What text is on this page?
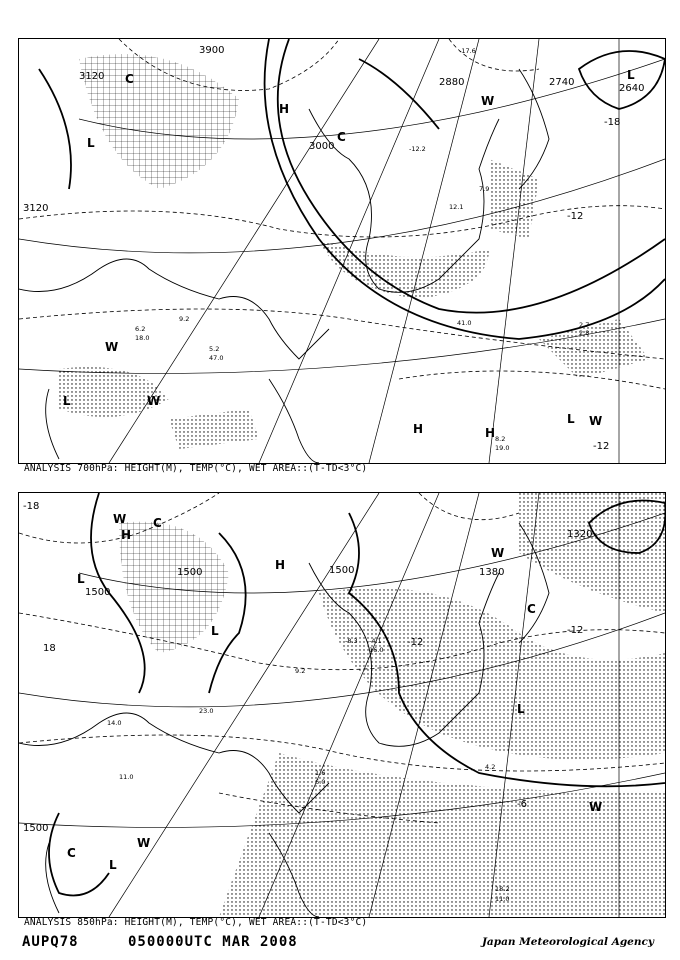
3900
3120
3120
2880	2740
2640
3000
-12
-12
-18
H
L
L
L
W
W
W
C
C
H	H
W
L
-17.6
-12.2
2.8
7.9
12.1
9.2
8.2
19.0
6.2
18.0
5.2
47.0
2.7
41.0
ANALYSIS 700hPa: HEIGHT(M), TEMP(°C), WET AREA::(T-TD<3°C)
1500
1500
1500	1380
1500
1320
-12
18
-18
-12
-6
H
L
L
H
C
C
L
W
W
C
W
W
L
-8.3 -4.1
16.0
14.0
23.0
11.0
18.2
11.0
4.2
9.2
1.6
6.0
ANALYSIS 850hPa: HEIGHT(M), TEMP(°C), WET AREA::(T-TD<3°C)
AUPQ78	050000UTC MAR 2008	Japan Meteorological Agency
